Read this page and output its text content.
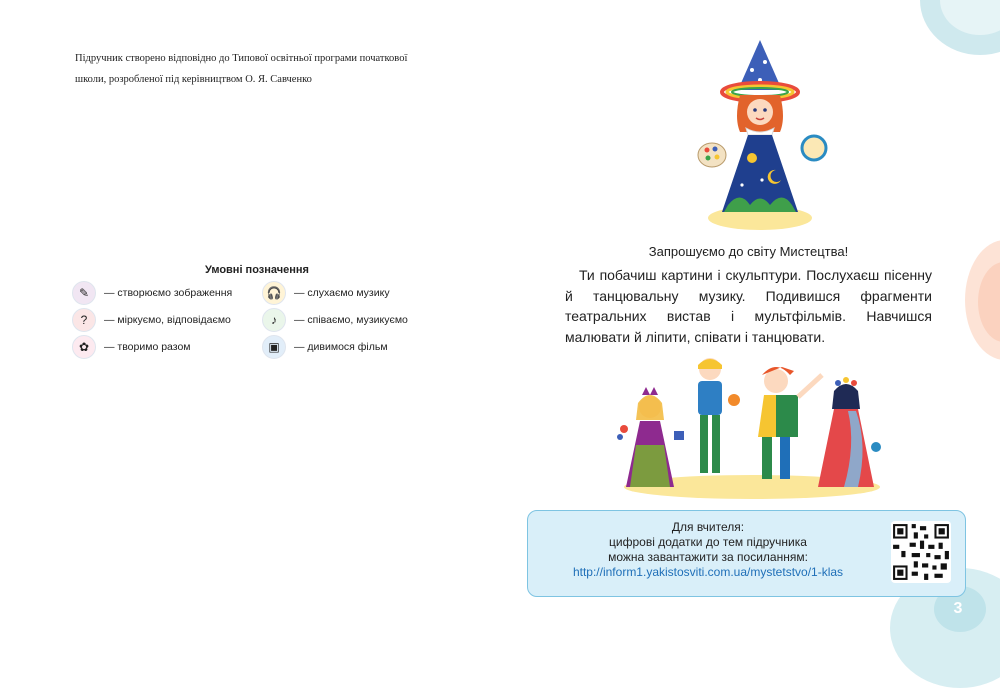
3
Підручник створено відповідно до Типової освітньої програми початкової
школи, розробленої під керівництвом О. Я. Савченко
Умовні позначення
✎	— створюємо зображення	🎧	— слухаємо музику
?	— міркуємо, відповідаємо	♪	— співаємо, музикуємо
✿	— творимо разом	▣	— дивимося фільм
Запрошуємо до світу Мистецтва!

Ти побачиш картини і скульптури. Послухаєш пісенну й танцювальну музику. Подивишся фрагменти театральних вистав і мультфільмів. Навчишся малювати й ліпити, співати і танцювати.

Для вчителя:
цифрові додатки до тем підручника
можна завантажити за посиланням:
http://inform1.yakistosviti.com.ua/mystetstvo/1-klas
